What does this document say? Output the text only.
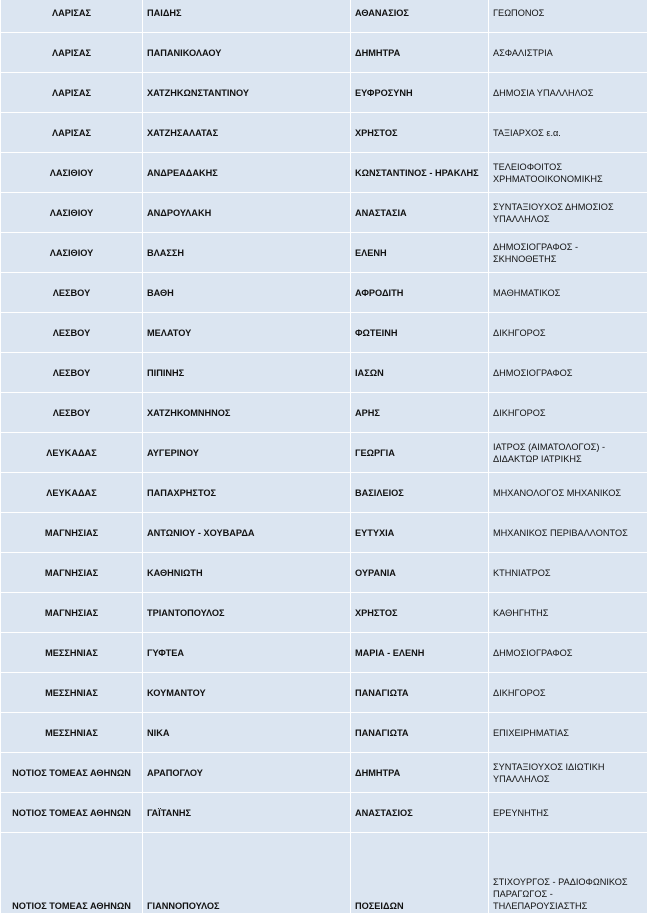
ΛΑΡΙΣΑΣ	ΠΑΙΔΗΣ	ΑΘΑΝΑΣΙΟΣ	ΓΕΩΠΟΝΟΣ
ΛΑΡΙΣΑΣ	ΠΑΠΑΝΙΚΟΛΑΟΥ	ΔΗΜΗΤΡΑ	ΑΣΦΑΛΙΣΤΡΙΑ
ΛΑΡΙΣΑΣ	ΧΑΤΖΗΚΩΝΣΤΑΝΤΙΝΟΥ	ΕΥΦΡΟΣΥΝΗ	ΔΗΜΟΣΙΑ ΥΠΑΛΛΗΛΟΣ
ΛΑΡΙΣΑΣ	ΧΑΤΖΗΣΑΛΑΤΑΣ	ΧΡΗΣΤΟΣ	ΤΑΞΙΑΡΧΟΣ ε.α.
ΛΑΣΙΘΙΟΥ	ΑΝΔΡΕΑΔΑΚΗΣ	ΚΩΝΣΤΑΝΤΙΝΟΣ - ΗΡΑΚΛΗΣ	ΤΕΛΕΙΟΦΟΙΤΟΣ ΧΡΗΜΑΤΟΟΙΚΟΝΟΜΙΚΗΣ
ΛΑΣΙΘΙΟΥ	ΑΝΔΡΟΥΛΑΚΗ	ΑΝΑΣΤΑΣΙΑ	ΣΥΝΤΑΞΙΟΥΧΟΣ ΔΗΜΟΣΙΟΣ ΥΠΑΛΛΗΛΟΣ
ΛΑΣΙΘΙΟΥ	ΒΛΑΣΣΗ	ΕΛΕΝΗ	ΔΗΜΟΣΙΟΓΡΑΦΟΣ - ΣΚΗΝΟΘΕΤΗΣ
ΛΕΣΒΟΥ	ΒΑΘΗ	ΑΦΡΟΔΙΤΗ	ΜΑΘΗΜΑΤΙΚΟΣ
ΛΕΣΒΟΥ	ΜΕΛΑΤΟΥ	ΦΩΤΕΙΝΗ	ΔΙΚΗΓΟΡΟΣ
ΛΕΣΒΟΥ	ΠΙΠΙΝΗΣ	ΙΑΣΩΝ	ΔΗΜΟΣΙΟΓΡΑΦΟΣ
ΛΕΣΒΟΥ	ΧΑΤΖΗΚΟΜΝΗΝΟΣ	ΑΡΗΣ	ΔΙΚΗΓΟΡΟΣ
ΛΕΥΚΑΔΑΣ	ΑΥΓΕΡΙΝΟΥ	ΓΕΩΡΓΙΑ	ΙΑΤΡΟΣ (ΑΙΜΑΤΟΛΟΓΟΣ) - ΔΙΔΑΚΤΩΡ ΙΑΤΡΙΚΗΣ
ΛΕΥΚΑΔΑΣ	ΠΑΠΑΧΡΗΣΤΟΣ	ΒΑΣΙΛΕΙΟΣ	ΜΗΧΑΝΟΛΟΓΟΣ ΜΗΧΑΝΙΚΟΣ
ΜΑΓΝΗΣΙΑΣ	ΑΝΤΩΝΙΟΥ - ΧΟΥΒΑΡΔΑ	ΕΥΤΥΧΙΑ	ΜΗΧΑΝΙΚΟΣ ΠΕΡΙΒΑΛΛΟΝΤΟΣ
ΜΑΓΝΗΣΙΑΣ	ΚΑΘΗΝΙΩΤΗ	ΟΥΡΑΝΙΑ	ΚΤΗΝΙΑΤΡΟΣ
ΜΑΓΝΗΣΙΑΣ	ΤΡΙΑΝΤΟΠΟΥΛΟΣ	ΧΡΗΣΤΟΣ	ΚΑΘΗΓΗΤΗΣ
ΜΕΣΣΗΝΙΑΣ	ΓΥΦΤΕΑ	ΜΑΡΙΑ - ΕΛΕΝΗ	ΔΗΜΟΣΙΟΓΡΑΦΟΣ
ΜΕΣΣΗΝΙΑΣ	ΚΟΥΜΑΝΤΟΥ	ΠΑΝΑΓΙΩΤΑ	ΔΙΚΗΓΟΡΟΣ
ΜΕΣΣΗΝΙΑΣ	ΝΙΚΑ	ΠΑΝΑΓΙΩΤΑ	ΕΠΙΧΕΙΡΗΜΑΤΙΑΣ
ΝΟΤΙΟΣ ΤΟΜΕΑΣ ΑΘΗΝΩΝ	ΑΡΑΠΟΓΛΟΥ	ΔΗΜΗΤΡΑ	ΣΥΝΤΑΞΙΟΥΧΟΣ ΙΔΙΩΤΙΚΗ ΥΠΑΛΛΗΛΟΣ
ΝΟΤΙΟΣ ΤΟΜΕΑΣ ΑΘΗΝΩΝ	ΓΑΪΤΑΝΗΣ	ΑΝΑΣΤΑΣΙΟΣ	ΕΡΕΥΝΗΤΗΣ
ΝΟΤΙΟΣ ΤΟΜΕΑΣ ΑΘΗΝΩΝ	ΓΙΑΝΝΟΠΟΥΛΟΣ	ΠΟΣΕΙΔΩΝ	ΣΤΙΧΟΥΡΓΟΣ - ΡΑΔΙΟΦΩΝΙΚΟΣ ΠΑΡΑΓΩΓΟΣ - ΤΗΛΕΠΑΡΟΥΣΙΑΣΤΗΣ
